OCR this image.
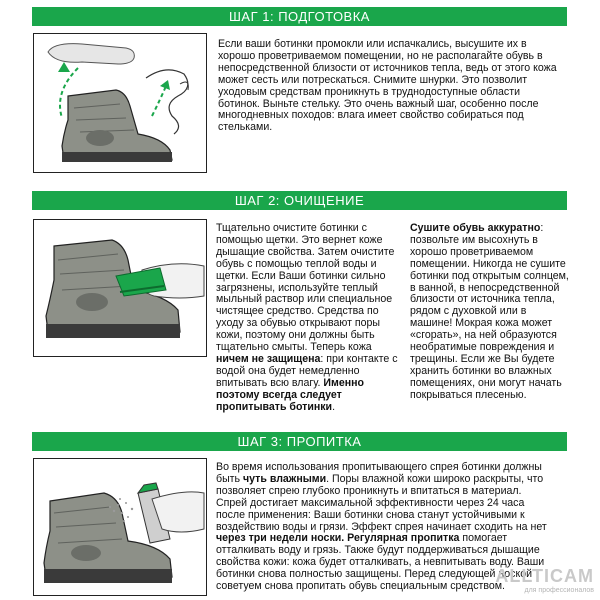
ШАГ 1: ПОДГОТОВКА
Если ваши ботинки промокли или испачкались, высушите их в хорошо проветриваемом помещении, но не располагайте обувь в непосредственной близости от источников тепла, ведь от этого кожа может сесть или потрескаться. Снимите шнурки. Это позволит уходовым средствам проникнуть в труднодоступные области ботинок. Выньте стельку. Это очень важный шаг, особенно после многодневных походов: влага имеет свойство собираться под стельками.
ШАГ 2: ОЧИЩЕНИЕ
Тщательно очистите ботинки с помощью щетки. Это вернет коже дышащие свойства. Затем очистите обувь с помощью теплой воды и щетки. Если Ваши ботинки сильно загрязнены, используйте теплый мыльный раствор или специальное чистящее средство. Средства по уходу за обувью открывают поры кожи, поэтому они должны быть тщательно смыты. Теперь кожа ничем не защищена: при контакте с водой она будет немедленно впитывать всю влагу. Именно поэтому всегда следует пропитывать ботинки.
Сушите обувь аккуратно: позвольте им высохнуть в хорошо проветриваемом помещении. Никогда не сушите ботинки под открытым солнцем, в ванной, в непосредственной близости от источника тепла, рядом с духовкой или в машине! Мокрая кожа может «сгорать», на ней образуются необратимые повреждения и трещины. Если же Вы будете хранить ботинки во влажных помещениях, они могут начать покрываться плесенью.
ШАГ 3: ПРОПИТКА
Во время использования пропитывающего спрея ботинки должны быть чуть влажными. Поры влажной кожи широко раскрыты, что позволяет спрею глубоко проникнуть и впитаться в материал. Спрей достигает максимальной эффективности через 24 часа после применения: Ваши ботинки снова станут устойчивыми к воздействию воды и грязи. Эффект спрея начинает сходить на нет через три недели носки. Регулярная пропитка помогает отталкивать воду и грязь. Также будут поддерживаться дышащие свойства кожи: кожа будет отталкивать, а невпитывать воду. Ваши ботинки снова полностью защищены. Перед следующей ноской советуем снова пропитать обувь специальным средством.
ALLTICAM
для профессионалов
